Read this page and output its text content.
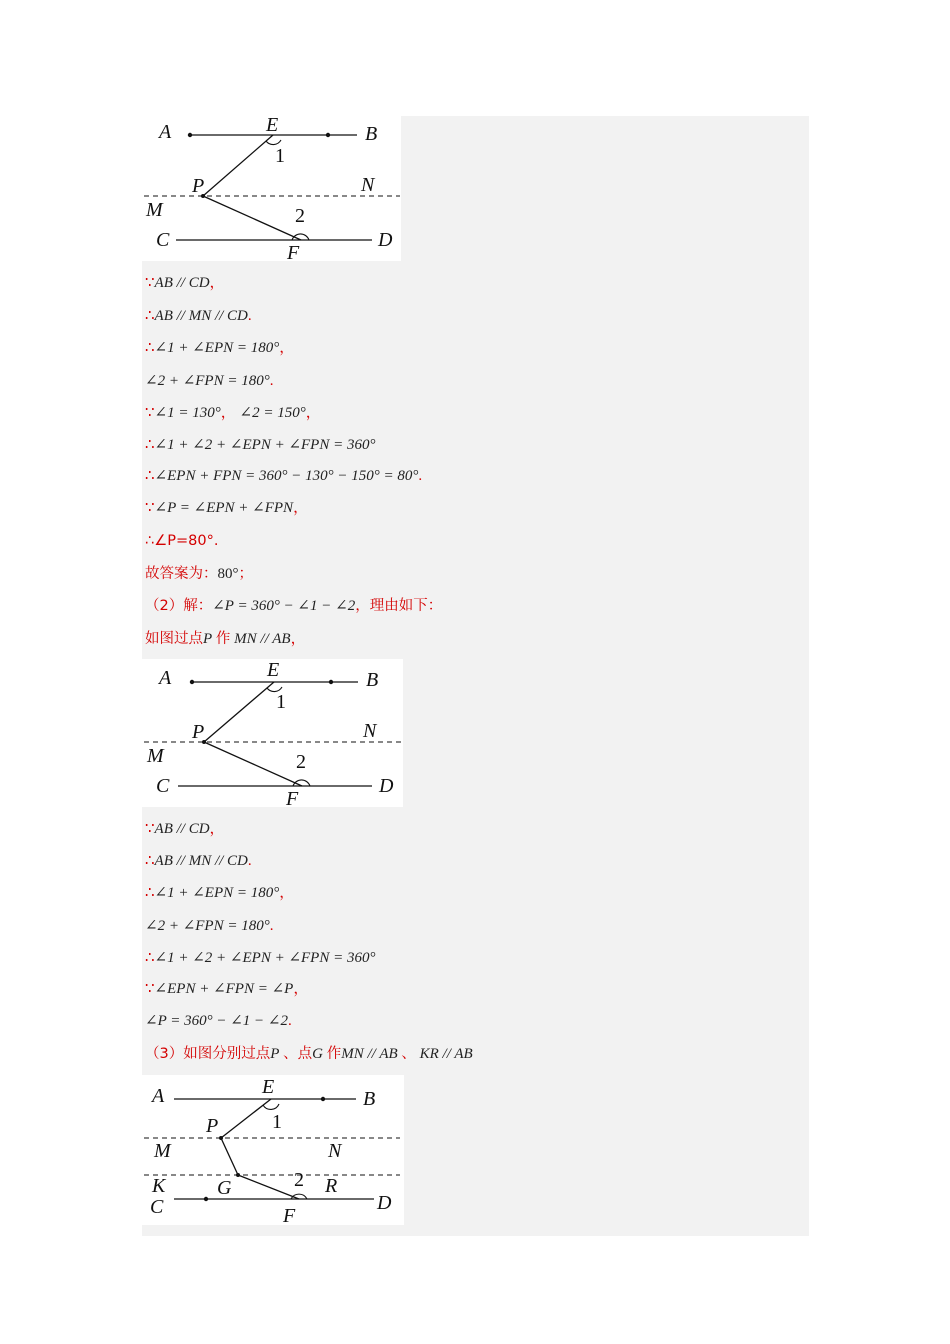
A	E	B
1
P	N
M	2
C	D
F
∵AB // CD，
∴AB // MN // CD.
∴∠1 + ∠EPN = 180°，
∠2 + ∠FPN = 180°.
∵∠1 = 130°， ∠2 = 150°，
∴∠1 + ∠2 + ∠EPN + ∠FPN = 360°
∴∠EPN + FPN = 360° − 130° − 150° = 80°.
∵∠P = ∠EPN + ∠FPN，
∴∠P=80°.
故答案为：80°；
（2）解：∠P = 360° − ∠1 − ∠2，理由如下：
如图过点P 作 MN // AB，
A	E	B
1
P	N
M	2
C	D
F
∵AB // CD，
∴AB // MN // CD.
∴∠1 + ∠EPN = 180°，
∠2 + ∠FPN = 180°.
∴∠1 + ∠2 + ∠EPN + ∠FPN = 360°
∵∠EPN + ∠FPN = ∠P，
∠P = 360° − ∠1 − ∠2.
（3）如图分别过点P 、点G 作MN // AB 、 KR // AB
A	E
B
1
P
M	N
K	G	2 R
C	D
F
